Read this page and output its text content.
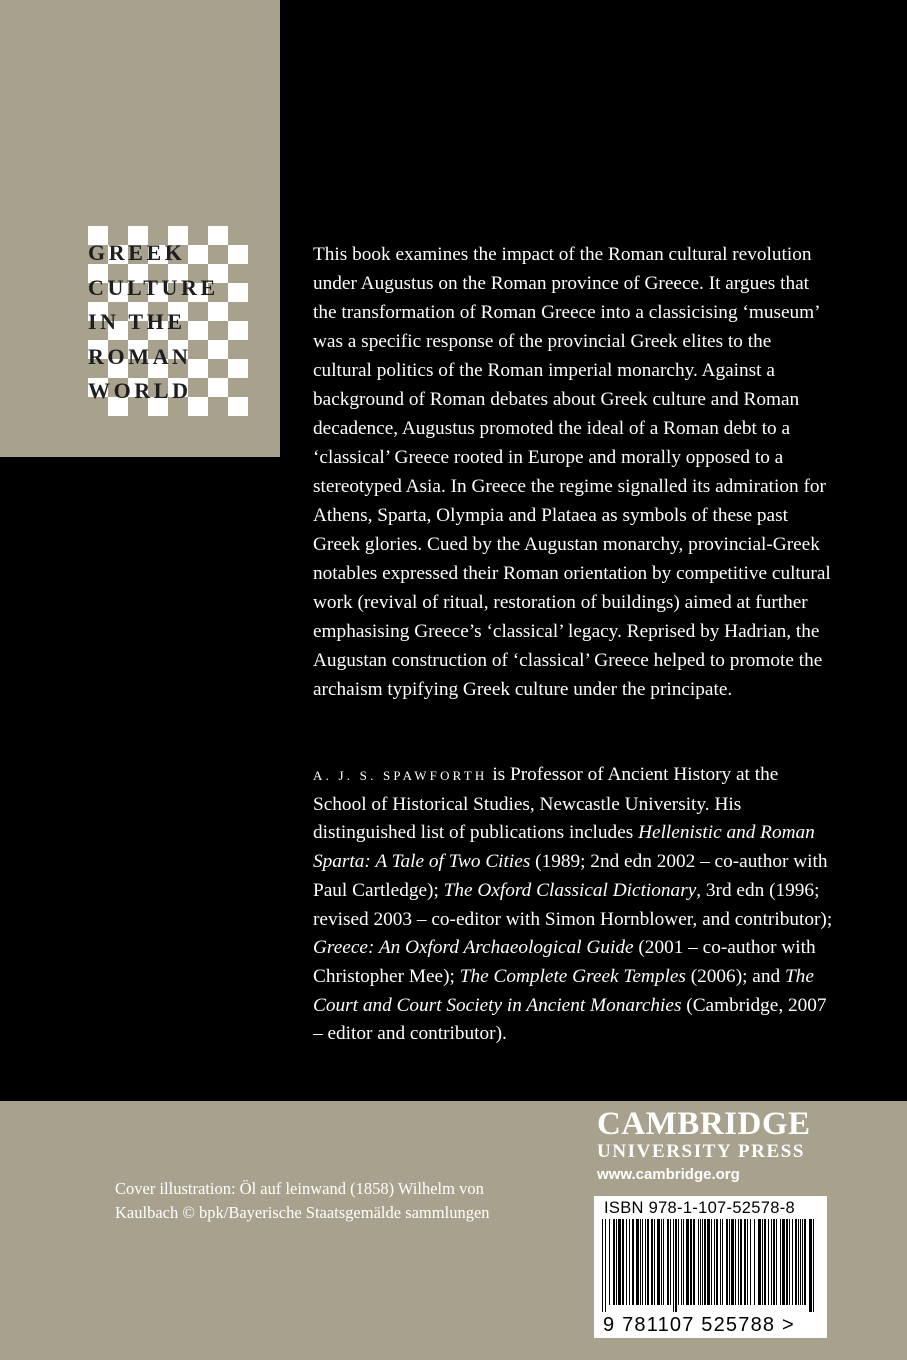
GREEK
CULTURE
IN THE
ROMAN
WORLD

This book examines the impact of the Roman cultural revolution under Augustus on the Roman province of Greece. It argues that the transformation of Roman Greece into a classicising ‘museum’ was a specific response of the provincial Greek elites to the cultural politics of the Roman imperial monarchy. Against a background of Roman debates about Greek culture and Roman decadence, Augustus promoted the ideal of a Roman debt to a ‘classical’ Greece rooted in Europe and morally opposed to a stereotyped Asia. In Greece the regime signalled its admiration for Athens, Sparta, Olympia and Plataea as symbols of these past Greek glories. Cued by the Augustan monarchy, provincial-Greek notables expressed their Roman orientation by competitive cultural work (revival of ritual, restoration of buildings) aimed at further emphasising Greece’s ‘classical’ legacy. Reprised by Hadrian, the Augustan construction of ‘classical’ Greece helped to promote the archaism typifying Greek culture under the principate.

A. J. S. SPAWFORTH is Professor of Ancient History at the School of Historical Studies, Newcastle University. His distinguished list of publications includes Hellenistic and Roman Sparta: A Tale of Two Cities (1989; 2nd edn 2002 – co-author with Paul Cartledge); The Oxford Classical Dictionary, 3rd edn (1996; revised 2003 – co-editor with Simon Hornblower, and contributor); Greece: An Oxford Archaeological Guide (2001 – co-author with Christopher Mee); The Complete Greek Temples (2006); and The Court and Court Society in Ancient Monarchies (Cambridge, 2007 – editor and contributor).

Cover illustration: Öl auf leinwand (1858) Wilhelm von Kaulbach © bpk/Bayerische Staatsgemälde sammlungen

CAMBRIDGE
UNIVERSITY PRESS
www.cambridge.org
ISBN 978-1-107-52578-8
9 781107 525788 >
